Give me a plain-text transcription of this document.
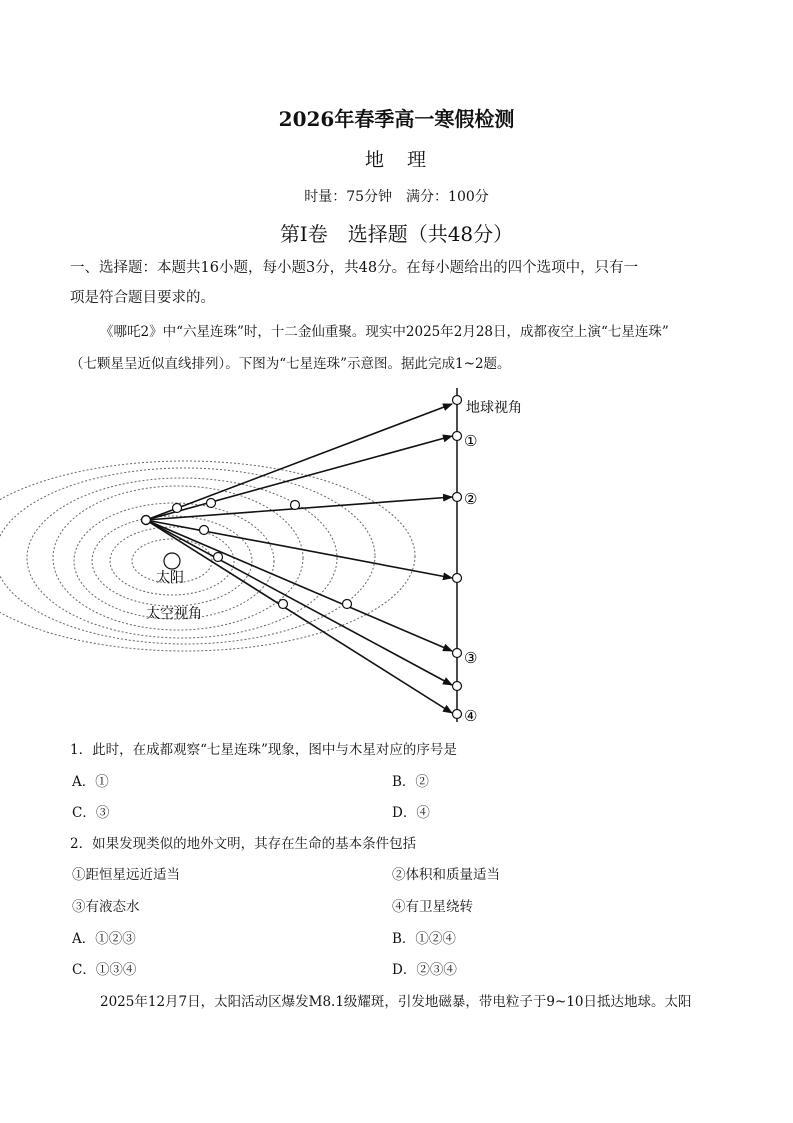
2026年春季高一寒假检测
地　理
时量：75分钟　满分：100分
第Ⅰ卷　选择题（共48分）
一、选择题：本题共16小题，每小题3分，共48分。在每小题给出的四个选项中，只有一
项是符合题目要求的。
《哪吒2》中“六星连珠”时，十二金仙重聚。现实中2025年2月28日，成都夜空上演“七星连珠”
（七颗星呈近似直线排列）。下图为“七星连珠”示意图。据此完成1~2题。
地球视角
①
②
③
④
太阳
太空视角
1．此时，在成都观察“七星连珠”现象，图中与木星对应的序号是
A．①	B．②
C．③	D．④
2．如果发现类似的地外文明，其存在生命的基本条件包括
①距恒星远近适当	②体积和质量适当
③有液态水	④有卫星绕转
A．①②③	B．①②④
C．①③④	D．②③④
2025年12月7日，太阳活动区爆发M8.1级耀斑，引发地磁暴，带电粒子于9~10日抵达地球。太阳
